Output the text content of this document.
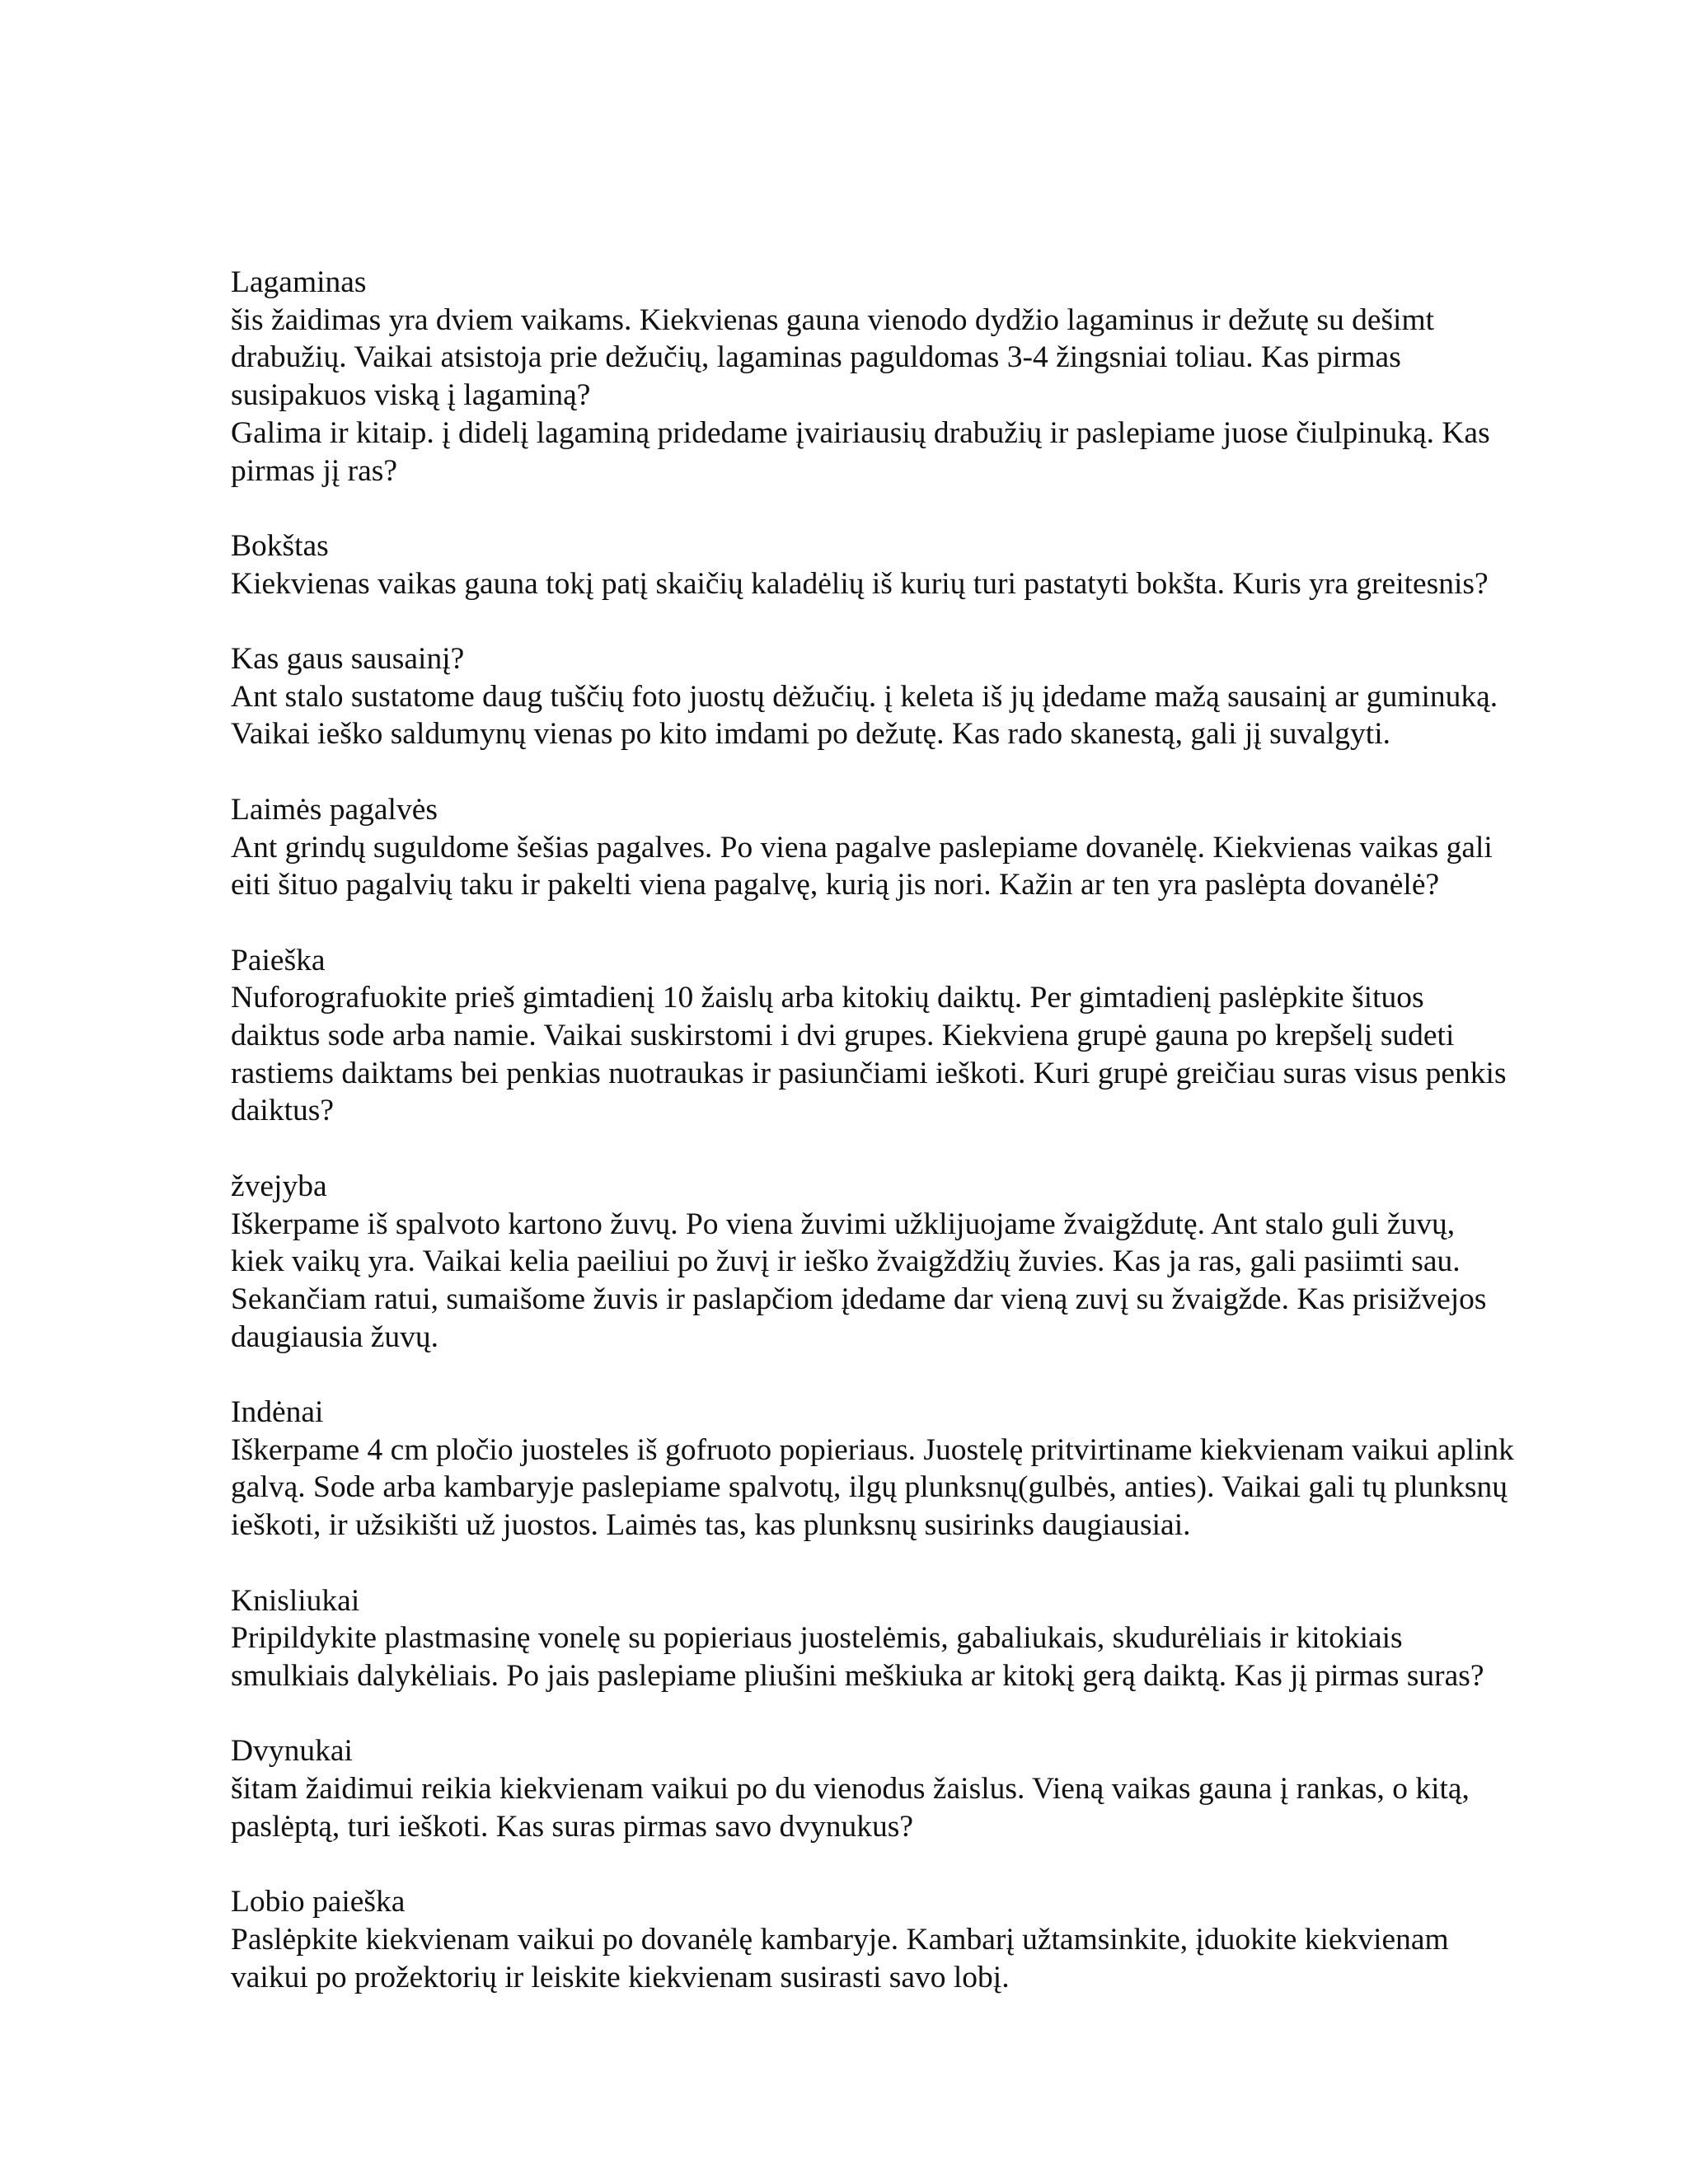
Lagaminas

šis žaidimas yra dviem vaikams. Kiekvienas gauna vienodo dydžio lagaminus ir dežutę su dešimt
drabužių. Vaikai atsistoja prie dežučių, lagaminas paguldomas 3-4 žingsniai toliau. Kas pirmas
susipakuos viską į lagaminą?
Galima ir kitaip. į didelį lagaminą pridedame įvairiausių drabužių ir paslepiame juose čiulpinuką. Kas
pirmas jį ras?

Bokštas

Kiekvienas vaikas gauna tokį patį skaičių kaladėlių iš kurių turi pastatyti bokšta. Kuris yra greitesnis?

Kas gaus sausainį?

Ant stalo sustatome daug tuščių foto juostų dėžučių. į keleta iš jų įdedame mažą sausainį ar guminuką.
Vaikai ieško saldumynų vienas po kito imdami po dežutę. Kas rado skanestą, gali jį suvalgyti.

Laimės pagalvės

Ant grindų suguldome šešias pagalves. Po viena pagalve paslepiame dovanėlę. Kiekvienas vaikas gali
eiti šituo pagalvių taku ir pakelti viena pagalvę, kurią jis nori. Kažin ar ten yra paslėpta dovanėlė?

Paieška

Nuforografuokite prieš gimtadienį 10 žaislų arba kitokių daiktų. Per gimtadienį paslėpkite šituos
daiktus sode arba namie. Vaikai suskirstomi i dvi grupes. Kiekviena grupė gauna po krepšelį sudeti
rastiems daiktams bei penkias nuotraukas ir pasiunčiami ieškoti. Kuri grupė greičiau suras visus penkis
daiktus?

žvejyba

Iškerpame iš spalvoto kartono žuvų. Po viena žuvimi užklijuojame žvaigždutę. Ant stalo guli žuvų,
kiek vaikų yra. Vaikai kelia paeiliui po žuvį ir ieško žvaigždžių žuvies. Kas ja ras, gali pasiimti sau.
Sekančiam ratui, sumaišome žuvis ir paslapčiom įdedame dar vieną zuvį su žvaigžde. Kas prisižvejos
daugiausia žuvų.

Indėnai

Iškerpame 4 cm pločio juosteles iš gofruoto popieriaus. Juostelę pritvirtiname kiekvienam vaikui aplink
galvą. Sode arba kambaryje paslepiame spalvotų, ilgų plunksnų(gulbės, anties). Vaikai gali tų plunksnų
ieškoti, ir užsikišti už juostos. Laimės tas, kas plunksnų susirinks daugiausiai.

Knisliukai

Pripildykite plastmasinę vonelę su popieriaus juostelėmis, gabaliukais, skudurėliais ir kitokiais
smulkiais dalykėliais. Po jais paslepiame pliušini meškiuka ar kitokį gerą daiktą. Kas jį pirmas suras?

Dvynukai

šitam žaidimui reikia kiekvienam vaikui po du vienodus žaislus. Vieną vaikas gauna į rankas, o kitą,
paslėptą, turi ieškoti. Kas suras pirmas savo dvynukus?

Lobio paieška

Paslėpkite kiekvienam vaikui po dovanėlę kambaryje. Kambarį užtamsinkite, įduokite kiekvienam
vaikui po prožektorių ir leiskite kiekvienam susirasti savo lobį.
